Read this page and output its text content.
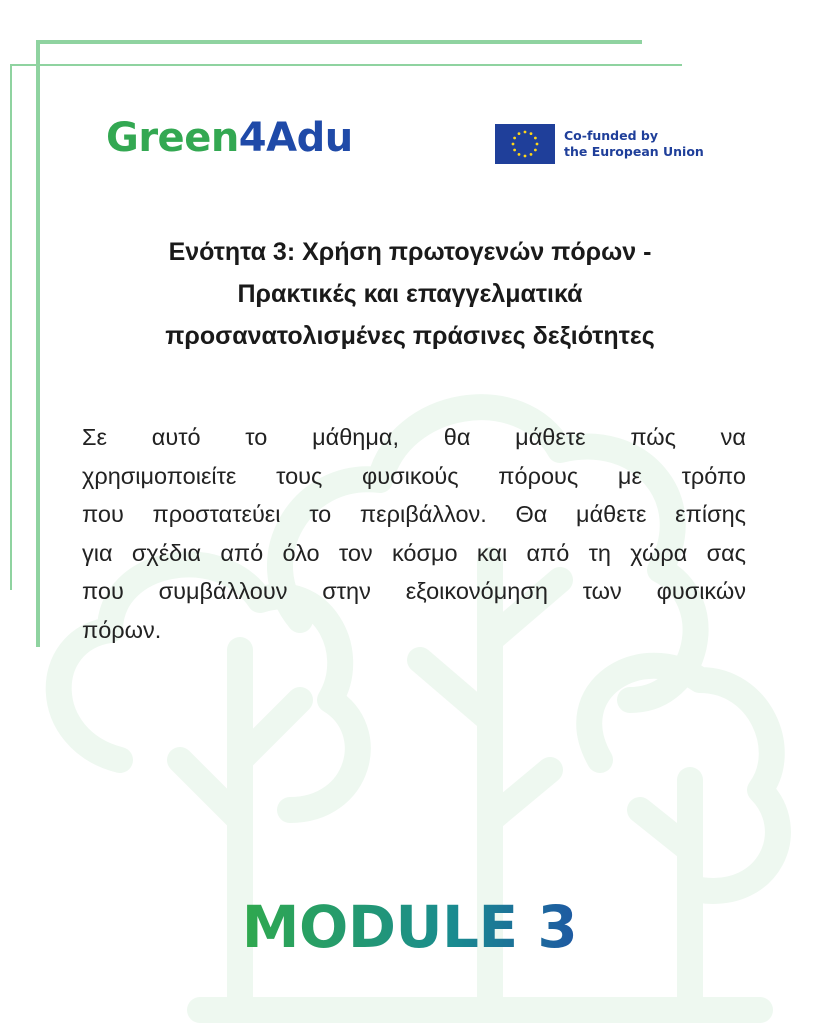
Green4Adu	Co-funded by
the European Union
Ενότητα 3: Χρήση πρωτογενών πόρων -
Πρακτικές και επαγγελματικά
προσανατολισμένες πράσινες δεξιότητες
Σε αυτό το μάθημα, θα μάθετε πώς να
χρησιμοποιείτε τους φυσικούς πόρους με τρόπο
που προστατεύει το περιβάλλον. Θα μάθετε επίσης
για σχέδια από όλο τον κόσμο και από τη χώρα σας
που συμβάλλουν στην εξοικονόμηση των φυσικών
πόρων.
MODULE 3
